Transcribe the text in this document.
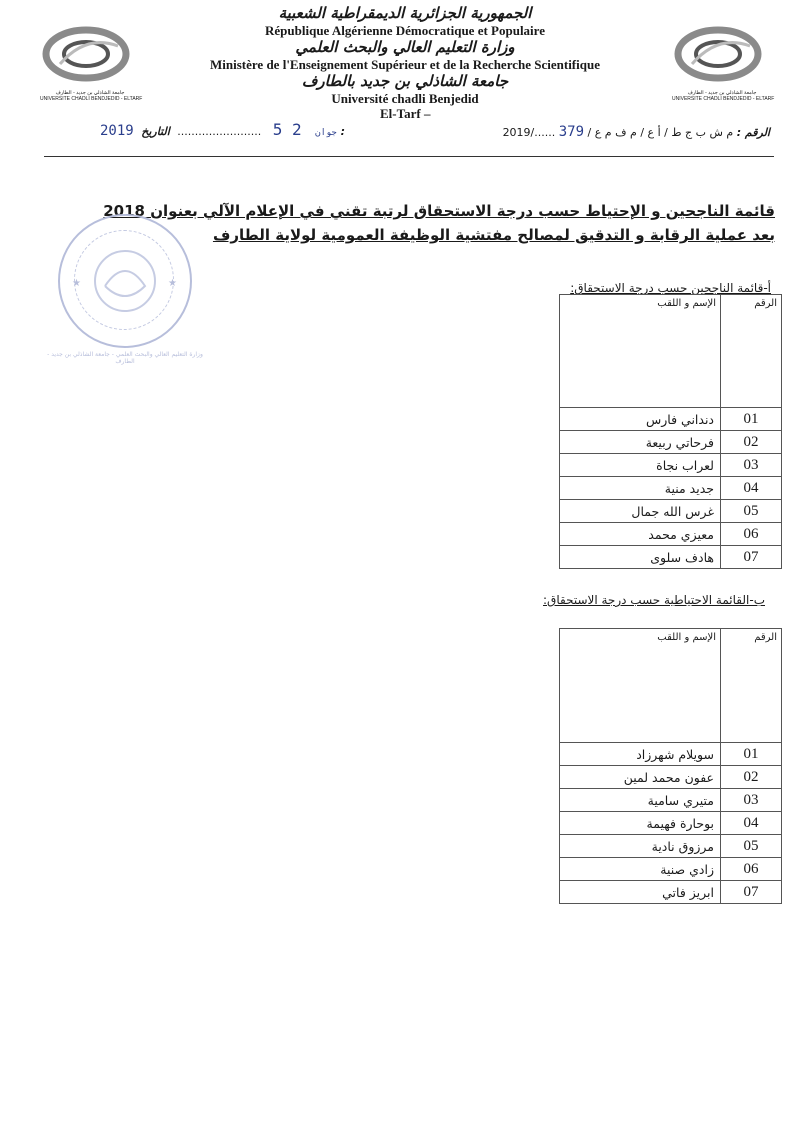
جامعة الشاذلي بن جديد - الطارف
UNIVERSITE CHADLI BENDJEDID - ELTARF
جامعة الشاذلي بن جديد - الطارف
UNIVERSITE CHADLI BENDJEDID - ELTARF
الجمهورية الجزائرية الديمقراطية الشعبية
République Algérienne Démocratique et Populaire
وزارة التعليم العالي والبحث العلمي
Ministère de l'Enseignement Supérieur et de la Recherche Scientifique
جامعة الشاذلي بن جديد بالطارف
Université chadli Benjedid
El-Tarf –
الرقم : م ش ب ج ط / أ ع / م ف م ع / 379 2019/......
2019	جوان 2 5 ........................ التاريخ :
قائمة الناجحين و الإحتياط حسب درجة الاستحقاق لرتبة تقني في الإعلام الآلي بعنوان 2018
بعد عملية الرقابة و التدقيق لمصالح مفتشية الوظيفة العمومية لولاية الطارف
★	★
وزارة التعليم العالي والبحث العلمي - جامعة الشاذلي بن جديد - الطارف
أ-قائمة الناجحين حسب درجة الاستحقاق:
الرقم	الإسم و اللقب
01	دنداني فارس
02	فرحاتي ربيعة
03	لعراب نجاة
04	جديد منية
05	غرس الله جمال
06	معيزي محمد
07	هادف سلوى
ب-القائمة الاحتياطية حسب درجة الاستحقاق:
الرقم	الإسم و اللقب
01	سويلام شهرزاد
02	عفون محمد لمين
03	متيري سامية
04	بوحارة فهيمة
05	مرزوق نادية
06	زادي صنية
07	ابريز فاتي
